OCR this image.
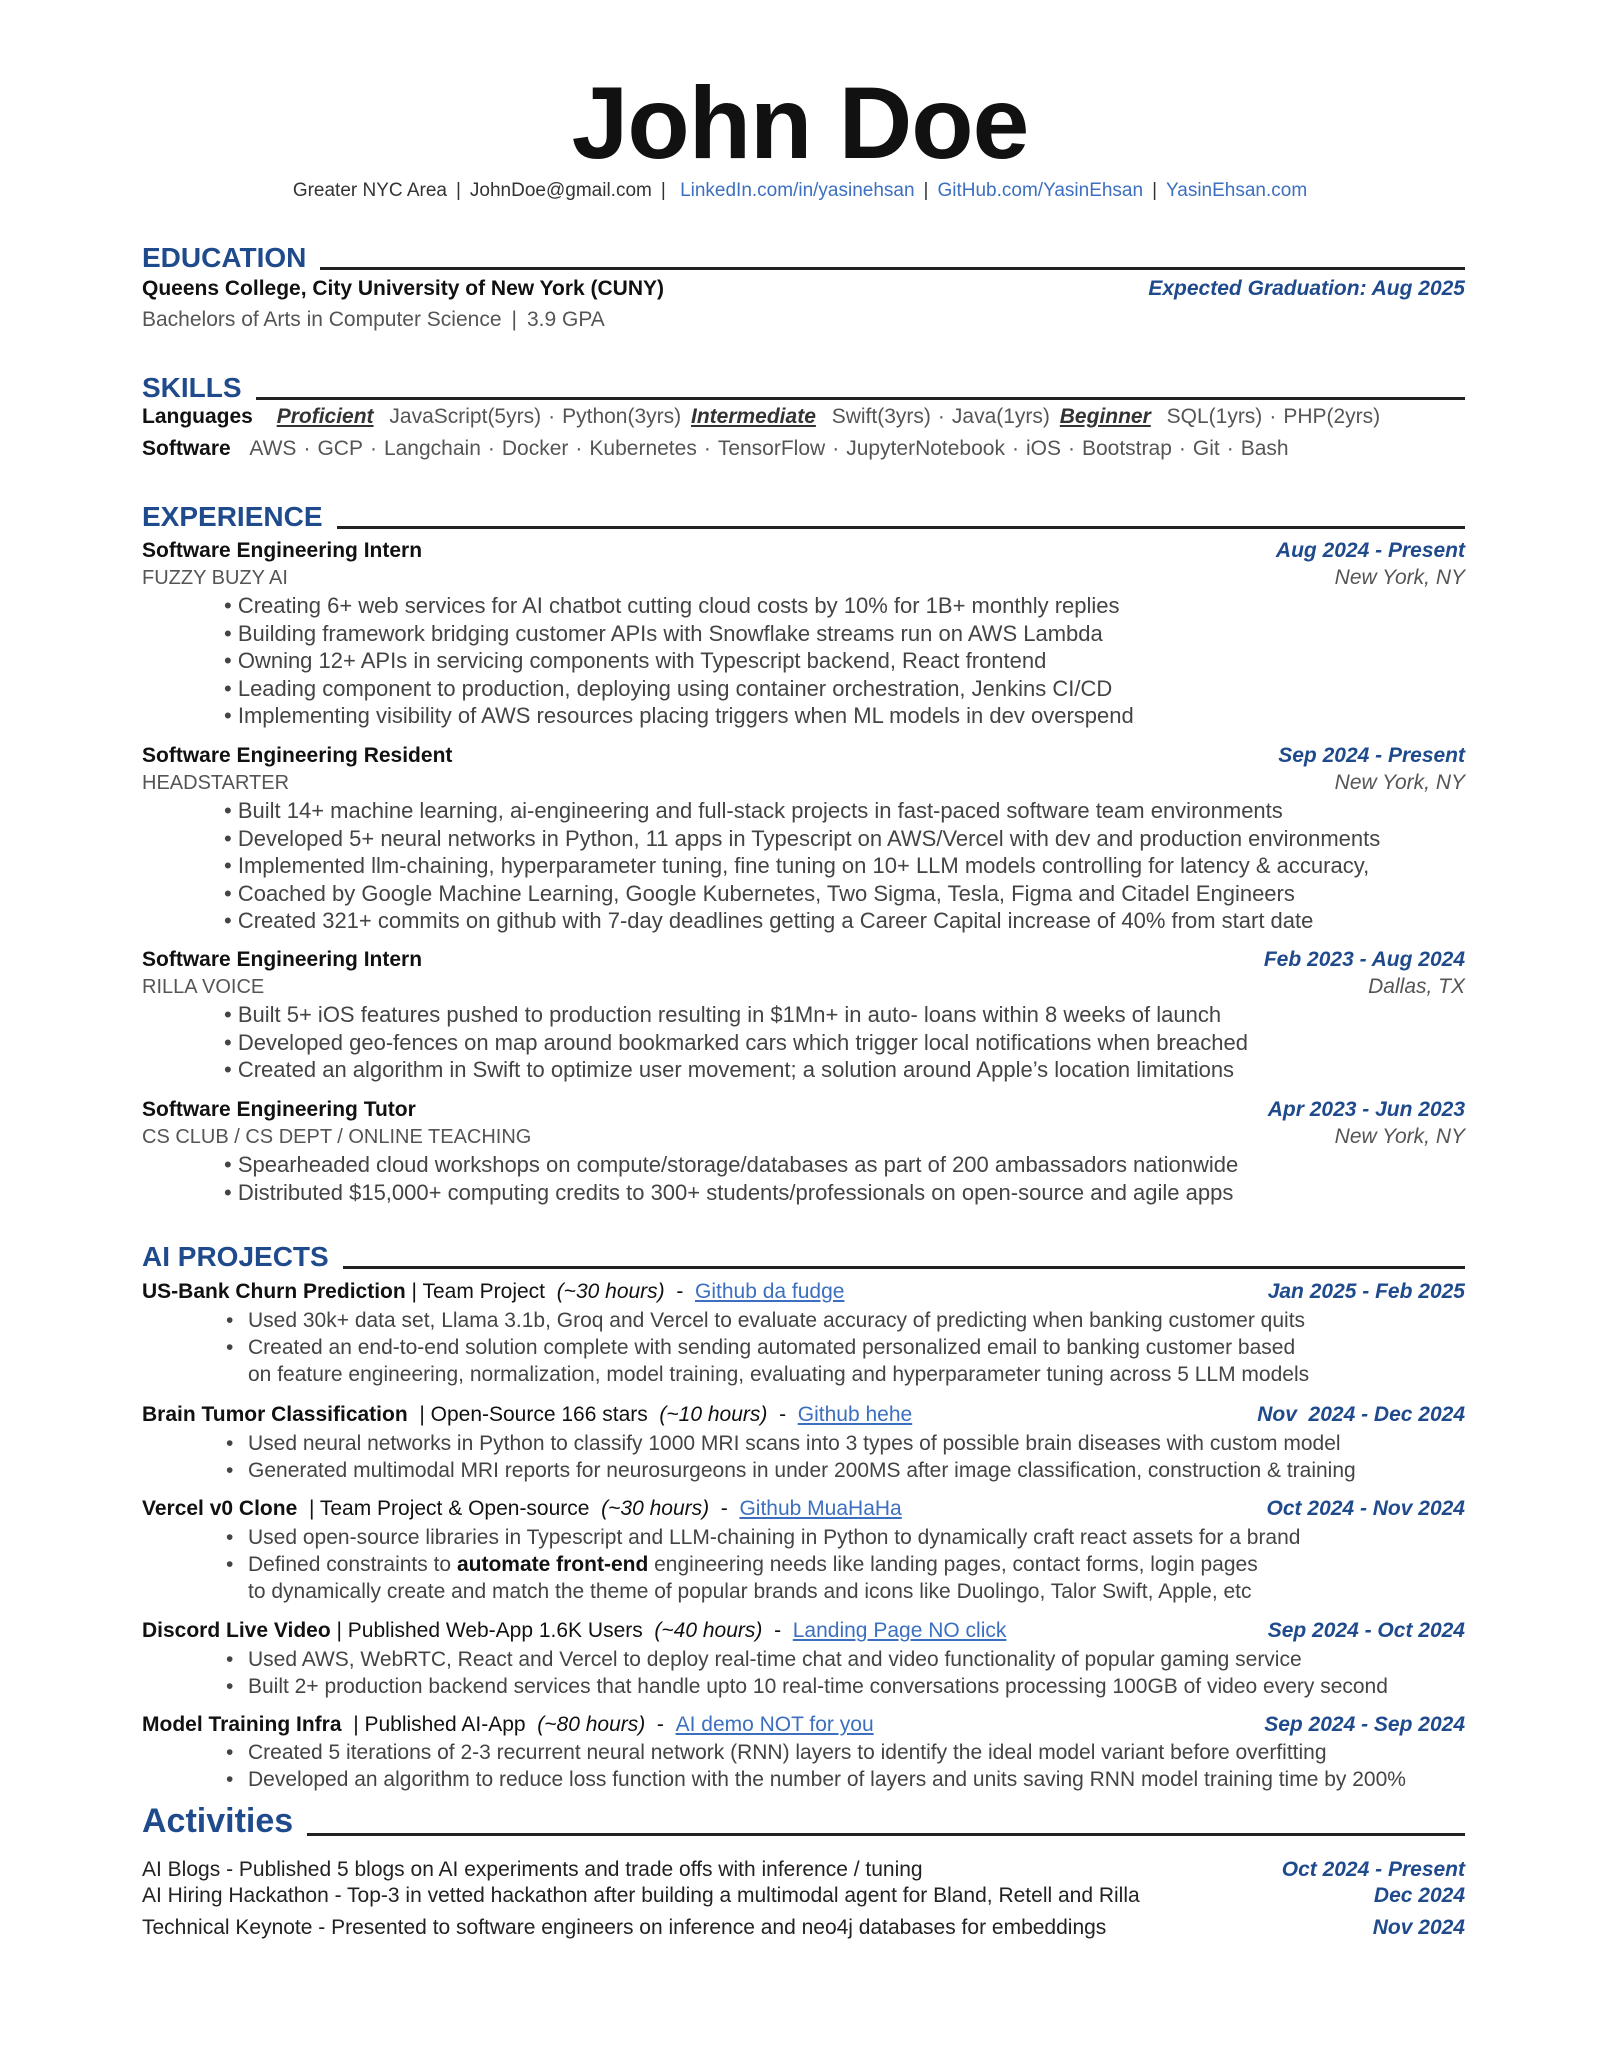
John Doe
Greater NYC Area | JohnDoe@gmail.com | LinkedIn.com/in/yasinehsan | GitHub.com/YasinEhsan | YasinEhsan.com
EDUCATION
Queens College, City University of New York (CUNY)	Expected Graduation: Aug 2025
Bachelors of Arts in Computer Science | 3.9 GPA
SKILLS
Languages Proficient JavaScript(5yrs) · Python(3yrs) Intermediate Swift(3yrs) · Java(1yrs) Beginner SQL(1yrs) · PHP(2yrs)
Software AWS · GCP · Langchain · Docker · Kubernetes · TensorFlow · JupyterNotebook · iOS · Bootstrap · Git · Bash
EXPERIENCE
Software Engineering Intern	Aug 2024 - Present
FUZZY BUZY AI	New York, NY
• Creating 6+ web services for AI chatbot cutting cloud costs by 10% for 1B+ monthly replies
• Building framework bridging customer APIs with Snowflake streams run on AWS Lambda
• Owning 12+ APIs in servicing components with Typescript backend, React frontend
• Leading component to production, deploying using container orchestration, Jenkins CI/CD
• Implementing visibility of AWS resources placing triggers when ML models in dev overspend
Software Engineering Resident	Sep 2024 - Present
HEADSTARTER	New York, NY
• Built 14+ machine learning, ai-engineering and full-stack projects in fast-paced software team environments
• Developed 5+ neural networks in Python, 11 apps in Typescript on AWS/Vercel with dev and production environments
• Implemented llm-chaining, hyperparameter tuning, fine tuning on 10+ LLM models controlling for latency & accuracy,
• Coached by Google Machine Learning, Google Kubernetes, Two Sigma, Tesla, Figma and Citadel Engineers
• Created 321+ commits on github with 7-day deadlines getting a Career Capital increase of 40% from start date
Software Engineering Intern	Feb 2023 - Aug 2024
RILLA VOICE	Dallas, TX
• Built 5+ iOS features pushed to production resulting in $1Mn+ in auto- loans within 8 weeks of launch
• Developed geo-fences on map around bookmarked cars which trigger local notifications when breached
• Created an algorithm in Swift to optimize user movement; a solution around Apple’s location limitations
Software Engineering Tutor	Apr 2023 - Jun 2023
CS CLUB / CS DEPT / ONLINE TEACHING	New York, NY
• Spearheaded cloud workshops on compute/storage/databases as part of 200 ambassadors nationwide
• Distributed $15,000+ computing credits to 300+ students/professionals on open-source and agile apps
AI PROJECTS
US-Bank Churn Prediction | Team Project (~30 hours) - Github da fudge	Jan 2025 - Feb 2025
• Used 30k+ data set, Llama 3.1b, Groq and Vercel to evaluate accuracy of predicting when banking customer quits
• Created an end-to-end solution complete with sending automated personalized email to banking customer based
on feature engineering, normalization, model training, evaluating and hyperparameter tuning across 5 LLM models
Brain Tumor Classification | Open-Source 166 stars (~10 hours) - Github hehe	Nov  2024 - Dec 2024
• Used neural networks in Python to classify 1000 MRI scans into 3 types of possible brain diseases with custom model
• Generated multimodal MRI reports for neurosurgeons in under 200MS after image classification, construction & training
Vercel v0 Clone | Team Project & Open-source (~30 hours) - Github MuaHaHa	Oct 2024 - Nov 2024
• Used open-source libraries in Typescript and LLM-chaining in Python to dynamically craft react assets for a brand
• Defined constraints to automate front-end engineering needs like landing pages, contact forms, login pages
to dynamically create and match the theme of popular brands and icons like Duolingo, Talor Swift, Apple, etc
Discord Live Video | Published Web-App 1.6K Users (~40 hours) - Landing Page NO click	Sep 2024 - Oct 2024
• Used AWS, WebRTC, React and Vercel to deploy real-time chat and video functionality of popular gaming service
• Built 2+ production backend services that handle upto 10 real-time conversations processing 100GB of video every second
Model Training Infra | Published AI-App (~80 hours) - AI demo NOT for you	Sep 2024 - Sep 2024
• Created 5 iterations of 2-3 recurrent neural network (RNN) layers to identify the ideal model variant before overfitting
• Developed an algorithm to reduce loss function with the number of layers and units saving RNN model training time by 200%
Activities
AI Blogs - Published 5 blogs on AI experiments and trade offs with inference / tuning	Oct 2024 - Present
AI Hiring Hackathon - Top-3 in vetted hackathon after building a multimodal agent for Bland, Retell and Rilla	Dec 2024
Technical Keynote - Presented to software engineers on inference and neo4j databases for embeddings	Nov 2024
